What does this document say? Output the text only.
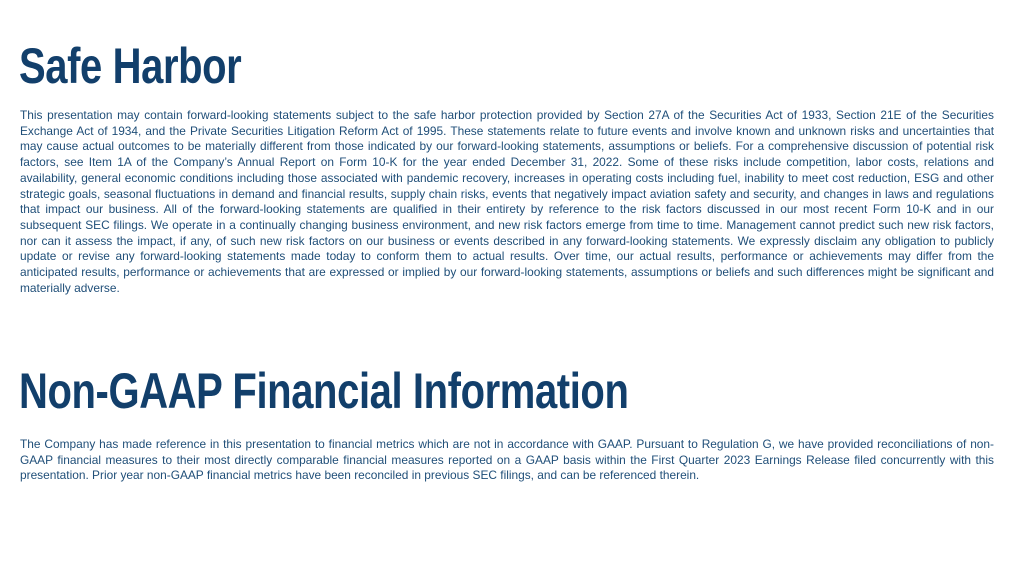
Safe Harbor

This presentation may contain forward-looking statements subject to the safe harbor protection provided by Section 27A of the Securities Act of 1933, Section 21E of the Securities Exchange Act of 1934, and the Private Securities Litigation Reform Act of 1995. These statements relate to future events and involve known and unknown risks and uncertainties that may cause actual outcomes to be materially different from those indicated by our forward-looking statements, assumptions or beliefs. For a comprehensive discussion of potential risk factors, see Item 1A of the Company’s Annual Report on Form 10-K for the year ended December 31, 2022. Some of these risks include competition, labor costs, relations and availability, general economic conditions including those associated with pandemic recovery, increases in operating costs including fuel, inability to meet cost reduction, ESG and other strategic goals, seasonal fluctuations in demand and financial results, supply chain risks, events that negatively impact aviation safety and security, and changes in laws and regulations that impact our business. All of the forward-looking statements are qualified in their entirety by reference to the risk factors discussed in our most recent Form 10-K and in our subsequent SEC filings. We operate in a continually changing business environment, and new risk factors emerge from time to time. Management cannot predict such new risk factors, nor can it assess the impact, if any, of such new risk factors on our business or events described in any forward-looking statements. We expressly disclaim any obligation to publicly update or revise any forward-looking statements made today to conform them to actual results. Over time, our actual results, performance or achievements may differ from the anticipated results, performance or achievements that are expressed or implied by our forward-looking statements, assumptions or beliefs and such differences might be significant and materially adverse.

Non-GAAP Financial Information

The Company has made reference in this presentation to financial metrics which are not in accordance with GAAP. Pursuant to Regulation G, we have provided reconciliations of non-GAAP financial measures to their most directly comparable financial measures reported on a GAAP basis within the First Quarter 2023 Earnings Release filed concurrently with this presentation. Prior year non-GAAP financial metrics have been reconciled in previous SEC filings, and can be referenced therein.
